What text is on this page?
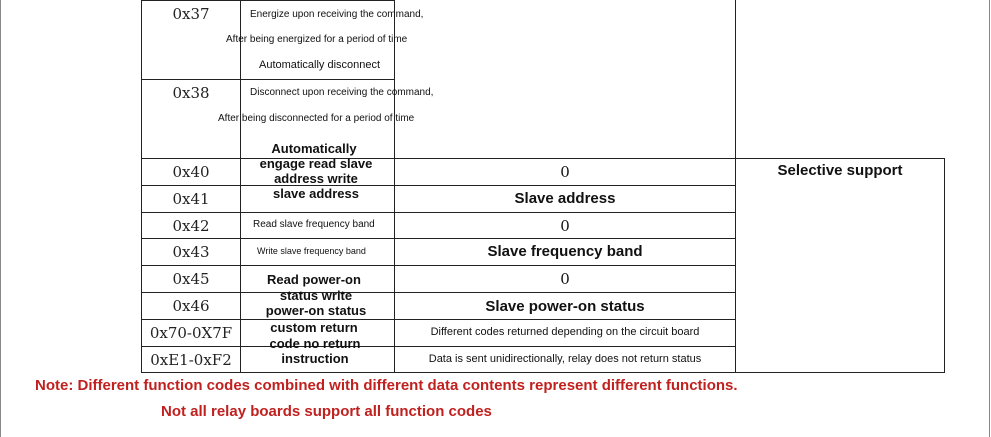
0x37	Energize upon receiving the command,
After being energized for a period of time
Automatically disconnect
0x38	Disconnect upon receiving the command,
After being disconnected for a period of time
Automatically
engage read slave
address write slave address
Read slave frequency band
Write slave frequency band
Read power-on
status write power-on status
custom return
code no return instruction
0x40
0x41
0x42
0x43
0x45
0x46
0x70-0X7F
0xE1-0xF2
0
Slave address
0
Slave frequency band
0
Slave power-on status
Different codes returned depending on the circuit board
Data is sent unidirectionally, relay does not return status
Selective support
Note: Different function codes combined with different data contents represent different functions.
Not all relay boards support all function codes
